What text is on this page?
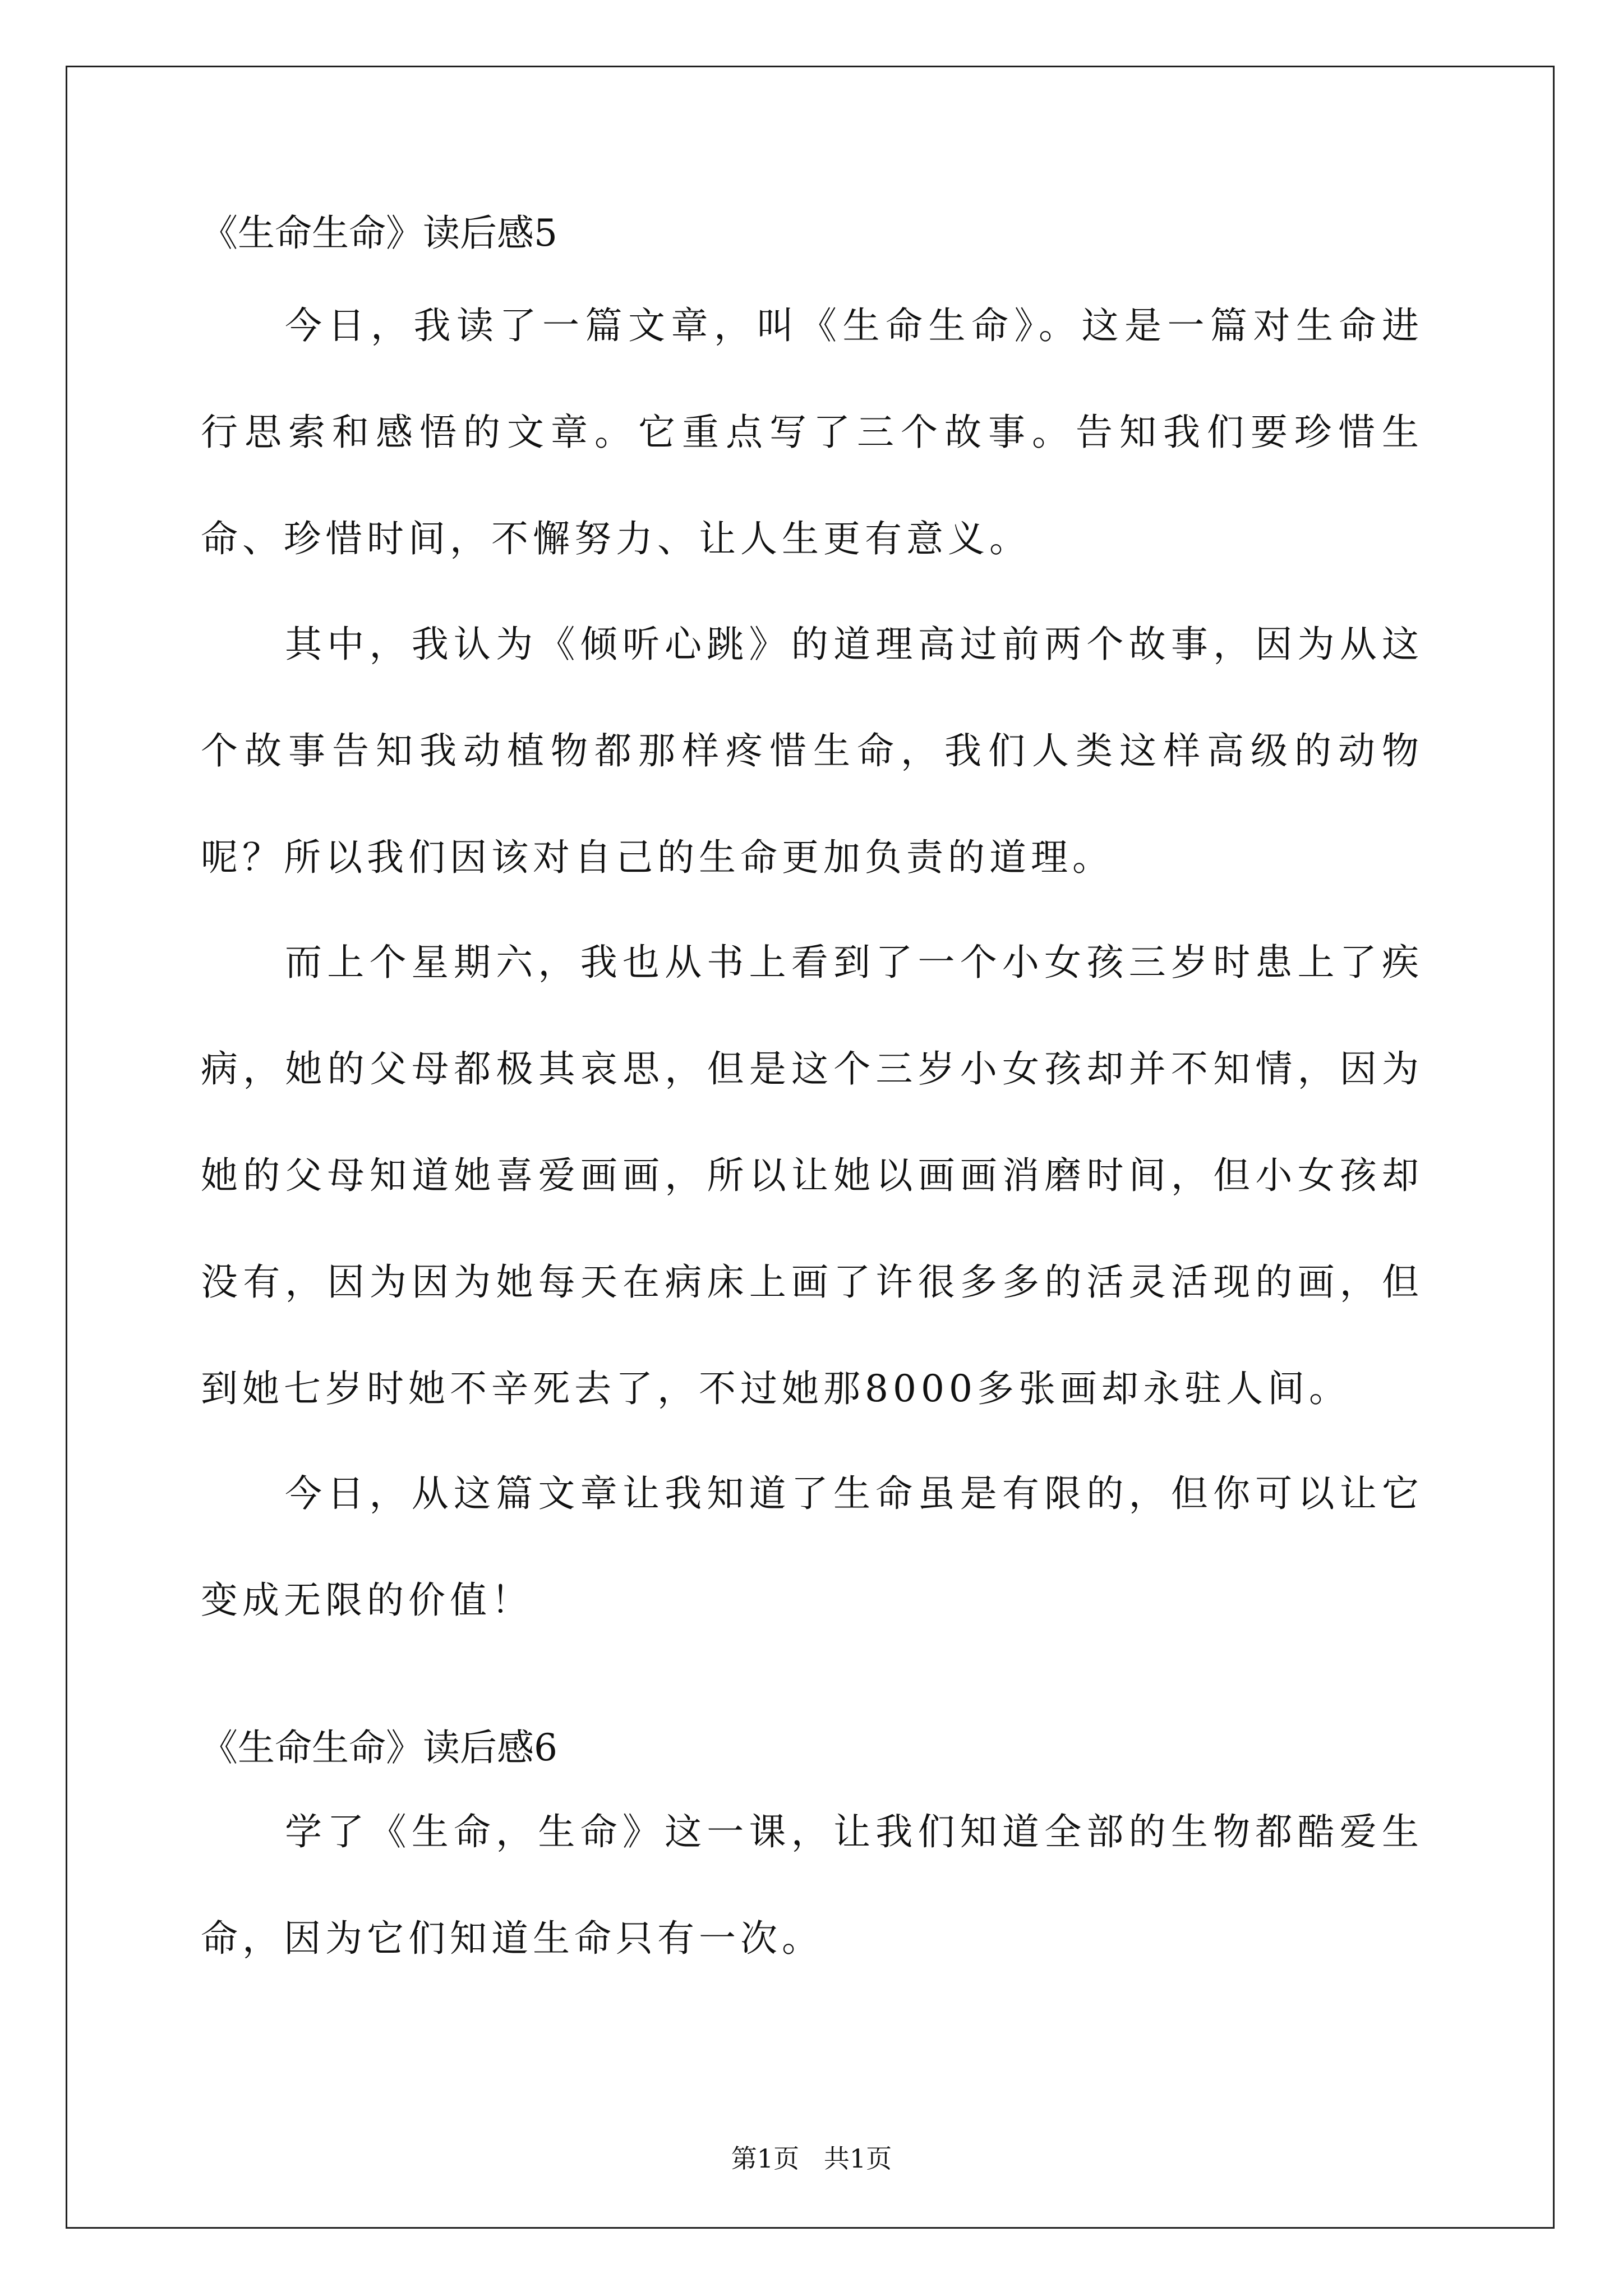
《生命生命》读后感5

今日，我读了一篇文章，叫《生命生命》。这是一篇对生命进行思索和感悟的文章。它重点写了三个故事。告知我们要珍惜生命、珍惜时间，不懈努力、让人生更有意义。

其中，我认为《倾听心跳》的道理高过前两个故事，因为从这个故事告知我动植物都那样疼惜生命，我们人类这样高级的动物呢？所以我们因该对自己的生命更加负责的道理。

而上个星期六，我也从书上看到了一个小女孩三岁时患上了疾病，她的父母都极其哀思，但是这个三岁小女孩却并不知情，因为她的父母知道她喜爱画画，所以让她以画画消磨时间，但小女孩却没有，因为因为她每天在病床上画了许很多多的活灵活现的画，但到她七岁时她不辛死去了，不过她那8000多张画却永驻人间。

今日，从这篇文章让我知道了生命虽是有限的，但你可以让它变成无限的价值！

《生命生命》读后感6

学了《生命，生命》这一课，让我们知道全部的生物都酷爱生命，因为它们知道生命只有一次。

第1页   共1页
